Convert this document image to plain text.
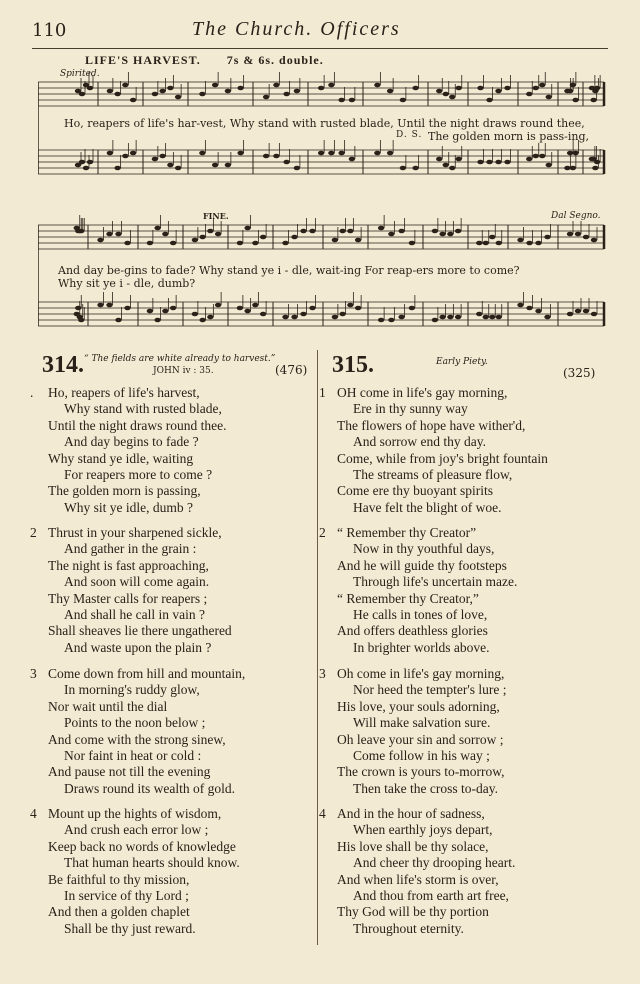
110	The Church. Officers
LIFE'S HARVEST. 7s & 6s. double.
Spirited.
Ho, reapers of life's har-vest, Why stand with rusted blade, Until the night draws round thee,
D. S. The golden morn is pass-ing,
FINE.	Dal Segno.
And day be-gins to fade? Why stand ye i - dle, wait-ing For reap-ers more to come?
Why sit ye i - dle, dumb?
314. “ The fields are white already to harvest.”
JOHN iv : 35.	(476) 315.	Early Piety.
(325)
. Ho, reapers of life's harvest,
Why stand with rusted blade,
Until the night draws round thee.
And day begins to fade ?
Why stand ye idle, waiting
For reapers more to come ?
The golden morn is passing,
Why sit ye idle, dumb ?
2 Thrust in your sharpened sickle,
And gather in the grain :
The night is fast approaching,
And soon will come again.
Thy Master calls for reapers ;
And shall he call in vain ?
Shall sheaves lie there ungathered
And waste upon the plain ?
3 Come down from hill and mountain,
In morning's ruddy glow,
Nor wait until the dial
Points to the noon below ;
And come with the strong sinew,
Nor faint in heat or cold :
And pause not till the evening
Draws round its wealth of gold.
4 Mount up the hights of wisdom,
And crush each error low ;
Keep back no words of knowledge
That human hearts should know.
Be faithful to thy mission,
In service of thy Lord ;
And then a golden chaplet
Shall be thy just reward.
1 OH come in life's gay morning,
Ere in thy sunny way
The flowers of hope have wither'd,
And sorrow end thy day.
Come, while from joy's bright fountain
The streams of pleasure flow,
Come ere thy buoyant spirits
Have felt the blight of woe.
2 “ Remember thy Creator”
Now in thy youthful days,
And he will guide thy footsteps
Through life's uncertain maze.
“ Remember thy Creator,”
He calls in tones of love,
And offers deathless glories
In brighter worlds above.
3 Oh come in life's gay morning,
Nor heed the tempter's lure ;
His love, your souls adorning,
Will make salvation sure.
Oh leave your sin and sorrow ;
Come follow in his way ;
The crown is yours to-morrow,
Then take the cross to-day.
4 And in the hour of sadness,
When earthly joys depart,
His love shall be thy solace,
And cheer thy drooping heart.
And when life's storm is over,
And thou from earth art free,
Thy God will be thy portion
Throughout eternity.
